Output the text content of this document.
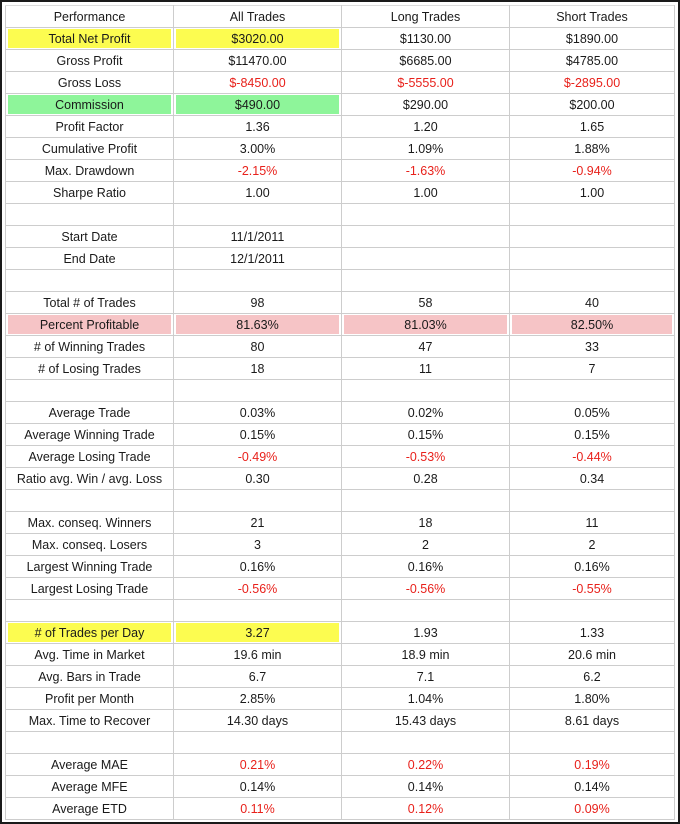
Performance	All Trades	Long Trades	Short Trades

Total Net Profit	$3020.00	$1130.00	$1890.00
Gross Profit	$11470.00	$6685.00	$4785.00
Gross Loss	$-8450.00	$-5555.00	$-2895.00

Commission	$490.00	$290.00	$200.00
Profit Factor	1.36	1.20	1.65
Cumulative Profit	3.00%	1.09%	1.88%
Max. Drawdown	-2.15%	-1.63%	-0.94%
Sharpe Ratio	1.00	1.00	1.00

Start Date	11/1/2011		
End Date	12/1/2011		

Total # of Trades	98	58	40

Percent Profitable	81.63%	81.03%	82.50%
# of Winning Trades	80	47	33
# of Losing Trades	18	11	7

Average Trade	0.03%	0.02%	0.05%
Average Winning Trade	0.15%	0.15%	0.15%
Average Losing Trade	-0.49%	-0.53%	-0.44%
Ratio avg. Win / avg. Loss	0.30	0.28	0.34

Max. conseq. Winners	21	18	11
Max. conseq. Losers	3	2	2
Largest Winning Trade	0.16%	0.16%	0.16%
Largest Losing Trade	-0.56%	-0.56%	-0.55%

# of Trades per Day	3.27	1.93	1.33
Avg. Time in Market	19.6 min	18.9 min	20.6 min
Avg. Bars in Trade	6.7	7.1	6.2
Profit per Month	2.85%	1.04%	1.80%
Max. Time to Recover	14.30 days	15.43 days	8.61 days

Average MAE	0.21%	0.22%	0.19%
Average MFE	0.14%	0.14%	0.14%
Average ETD	0.11%	0.12%	0.09%
